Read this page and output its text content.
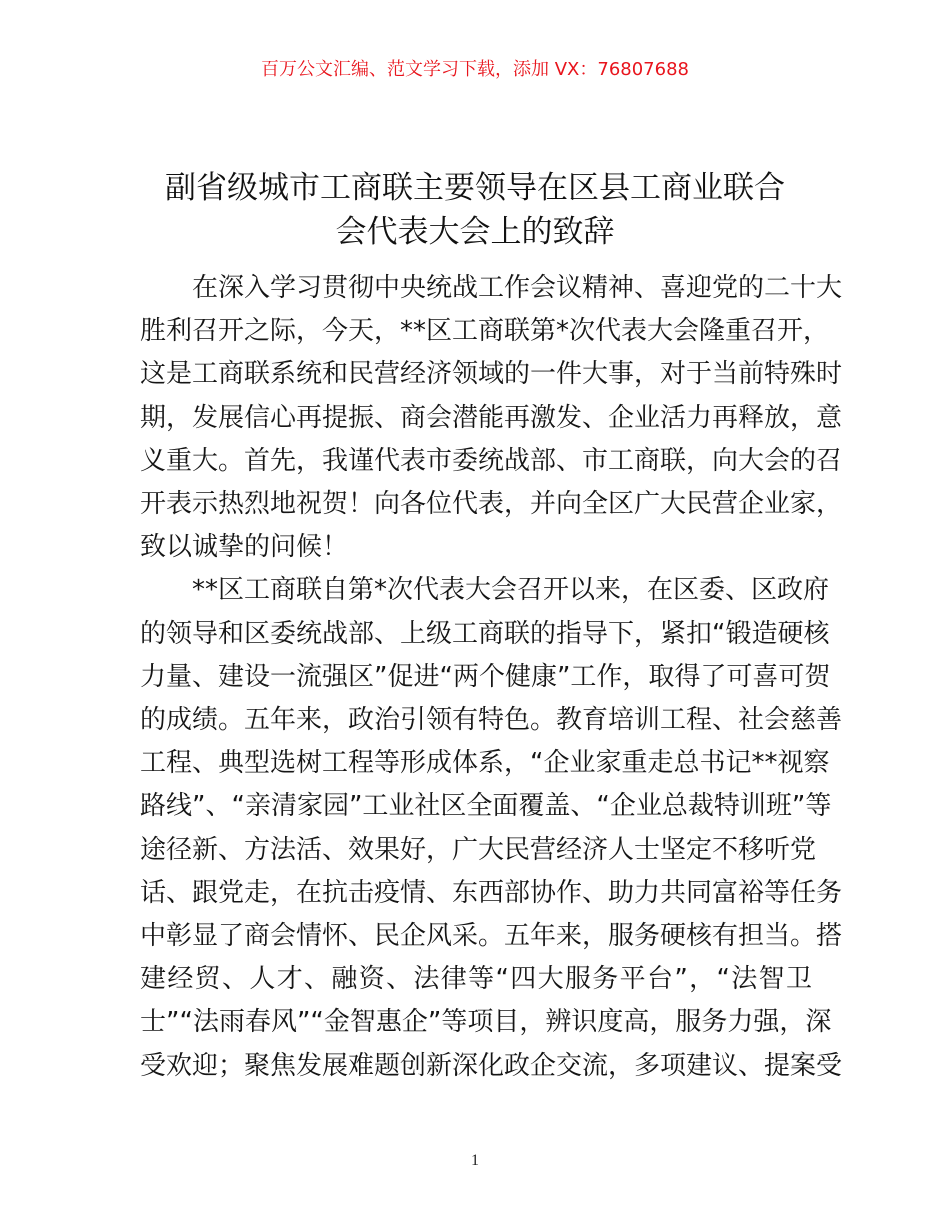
百万公文汇编、范文学习下载，添加 VX：76807688
副省级城市工商联主要领导在区县工商业联合
会代表大会上的致辞

在深入学习贯彻中央统战工作会议精神、喜迎党的二十大
胜利召开之际，今天，**区工商联第*次代表大会隆重召开，
这是工商联系统和民营经济领域的一件大事，对于当前特殊时
期，发展信心再提振、商会潜能再激发、企业活力再释放，意
义重大。首先，我谨代表市委统战部、市工商联，向大会的召
开表示热烈地祝贺！向各位代表，并向全区广大民营企业家，
致以诚挚的问候！

**区工商联自第*次代表大会召开以来，在区委、区政府
的领导和区委统战部、上级工商联的指导下，紧扣“锻造硬核
力量、建设一流强区”促进“两个健康”工作，取得了可喜可贺
的成绩。五年来，政治引领有特色。教育培训工程、社会慈善
工程、典型选树工程等形成体系，“企业家重走总书记**视察
路线”、“亲清家园”工业社区全面覆盖、“企业总裁特训班”等
途径新、方法活、效果好，广大民营经济人士坚定不移听党
话、跟党走，在抗击疫情、东西部协作、助力共同富裕等任务
中彰显了商会情怀、民企风采。五年来，服务硬核有担当。搭
建经贸、人才、融资、法律等“四大服务平台”，“法智卫
士”“法雨春风”“金智惠企”等项目，辨识度高，服务力强，深
受欢迎；聚焦发展难题创新深化政企交流，多项建议、提案受

1
